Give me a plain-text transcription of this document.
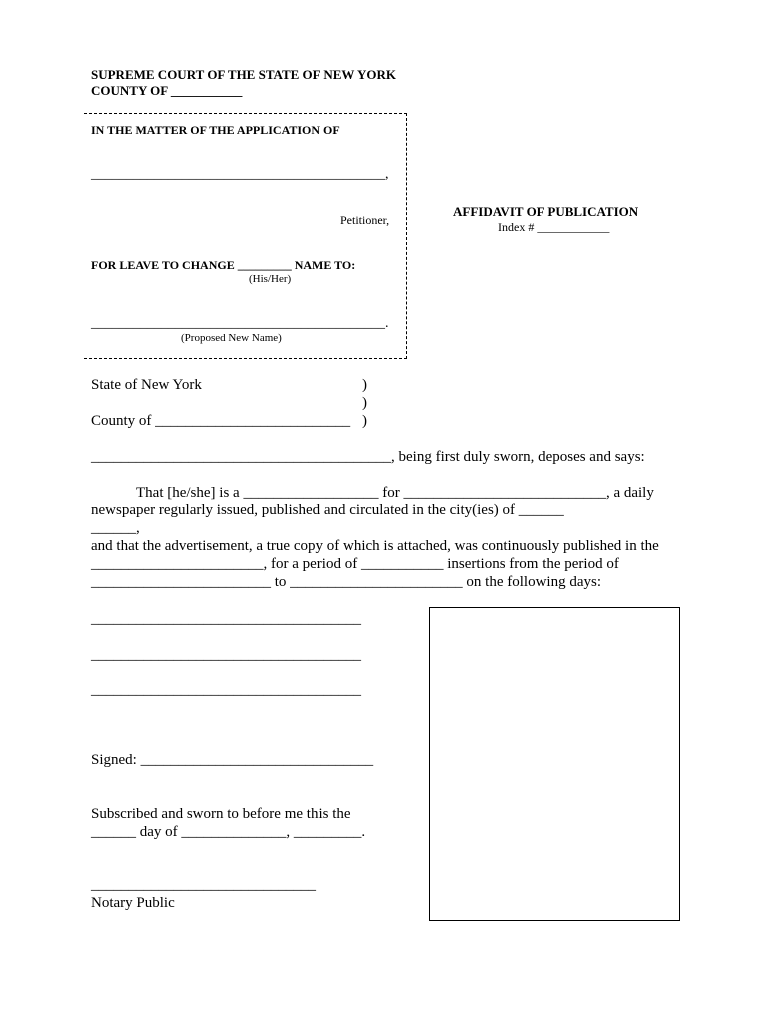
SUPREME COURT OF THE STATE OF NEW YORK
COUNTY OF ___________
IN THE MATTER OF THE APPLICATION OF
__________________________________________,
Petitioner,
FOR LEAVE TO CHANGE _________ NAME TO:
(His/Her)
__________________________________________.
(Proposed New Name)
AFFIDAVIT OF PUBLICATION
Index # ____________
State of New York	)
)
County of __________________________ )
________________________________________, being first duly sworn, deposes and says:
That [he/she] is a __________________ for ___________________________, a daily
newspaper regularly issued, published and circulated in the city(ies) of ______
______,
and that the advertisement, a true copy of which is attached, was continuously published in the
_______________________, for a period of ___________ insertions from the period of
________________________ to _______________________ on the following days:
____________________________________
____________________________________
____________________________________
Signed: _______________________________
Subscribed and sworn to before me this the
______ day of ______________, _________.
______________________________
Notary Public
